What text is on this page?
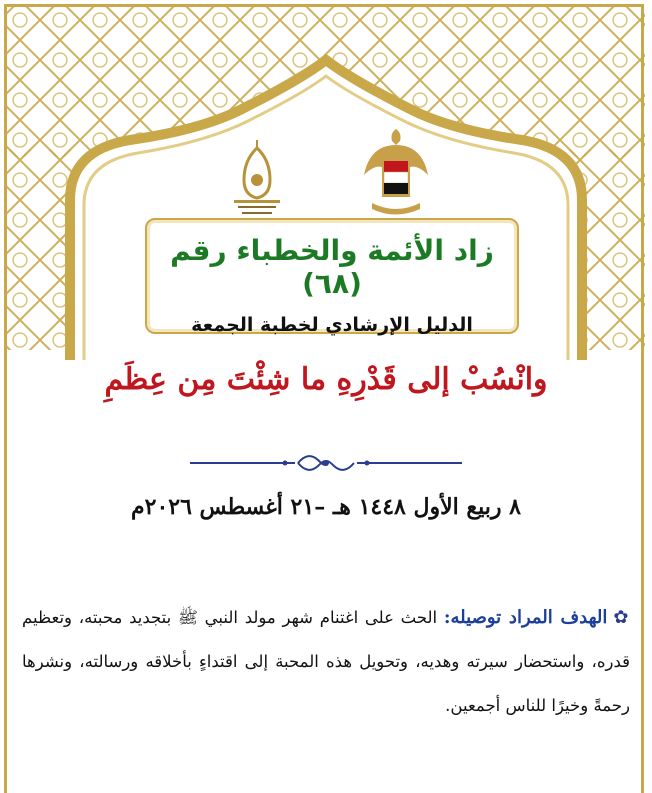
زاد الأئمة والخطباء رقم (٦٨)
الدليل الإرشادي لخطبة الجمعة
وانْسُبْ إلى قَدْرِهِ ما شِئْتَ مِن عِظَمِ
٨ ربيع الأول ١٤٤٨ هـ –٢١ أغسطس ٢٠٢٦م
✿الهدف المراد توصيله: الحث على اغتنام شهر مولد النبي ﷺ بتجديد محبته، وتعظيم قدره، واستحضار سيرته وهديه، وتحويل هذه المحبة إلى اقتداءٍ بأخلاقه ورسالته، ونشرها رحمةً وخيرًا للناس أجمعين.
